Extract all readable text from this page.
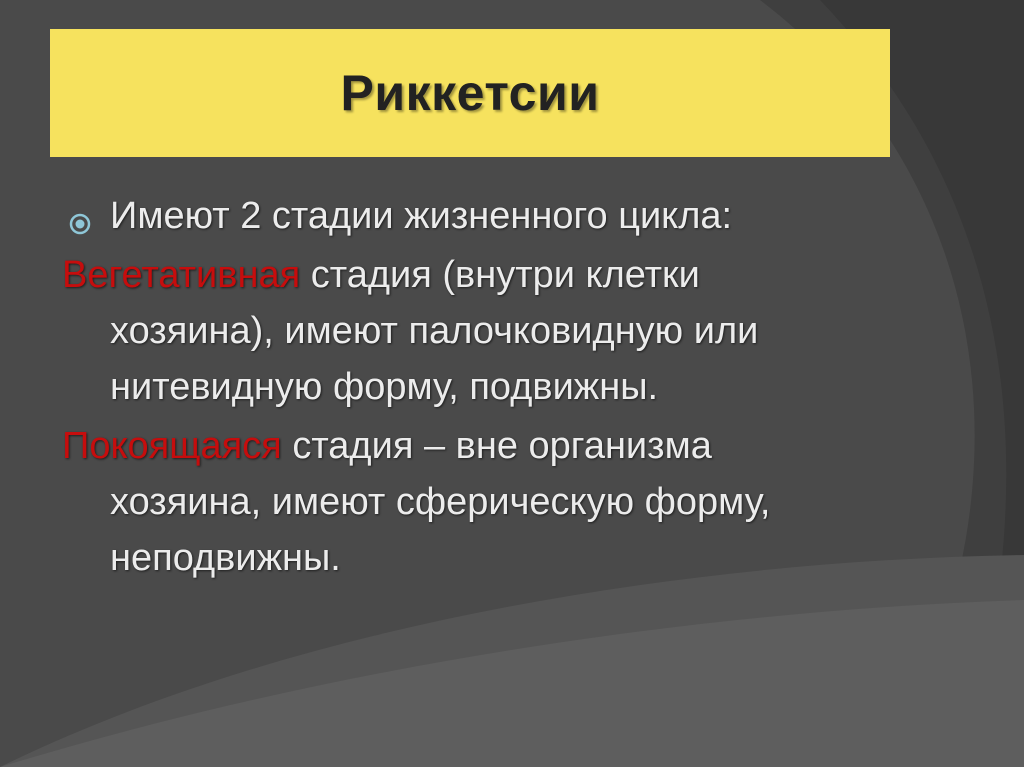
Риккетсии
Имеют 2 стадии жизненного цикла:
Вегетативная стадия (внутри клетки
хозяина), имеют палочковидную или
нитевидную форму, подвижны.
Покоящаяся стадия – вне организма
хозяина, имеют сферическую форму,
неподвижны.
